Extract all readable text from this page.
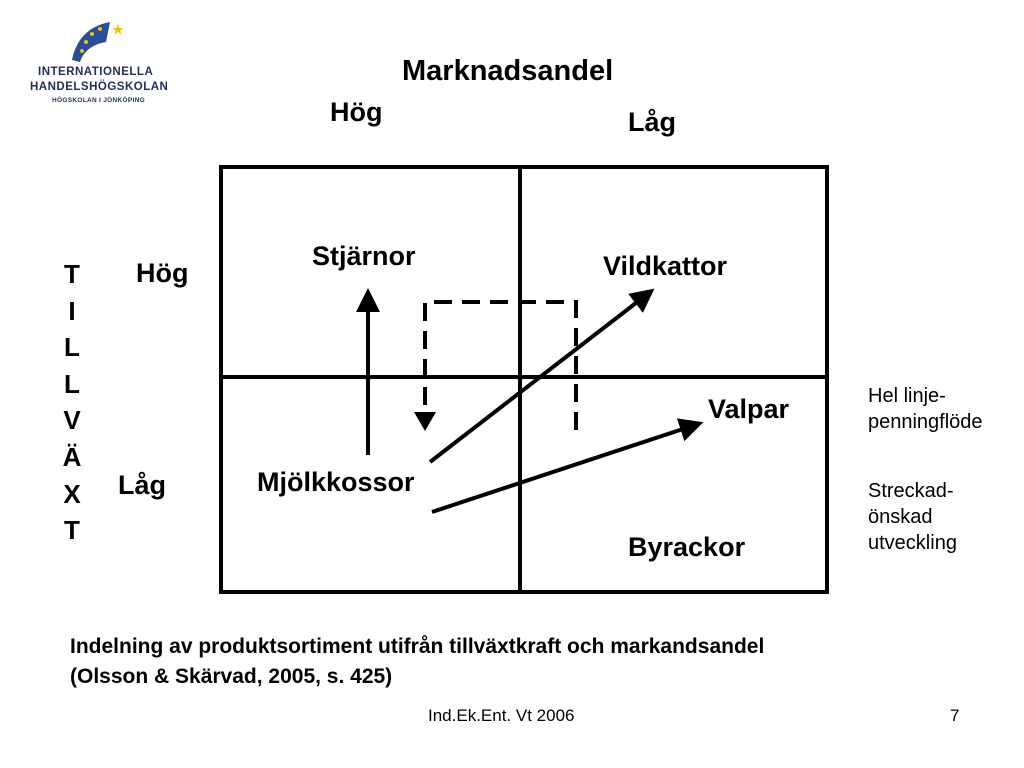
INTERNATIONELLA
HANDELSHÖGSKOLAN
HÖGSKOLAN I JÖNKÖPING
Marknadsandel
Hög	Låg
T
I
L
L
V
Ä
X
T
Hög
Låg
Stjärnor	Vildkattor
Valpar
Mjölkkossor
Byrackor
Hel linje-penningflöde
Streckad-önskad utveckling
Indelning av produktsortiment utifrån tillväxtkraft och markandsandel
(Olsson & Skärvad, 2005, s. 425)
Ind.Ek.Ent. Vt 2006	7
